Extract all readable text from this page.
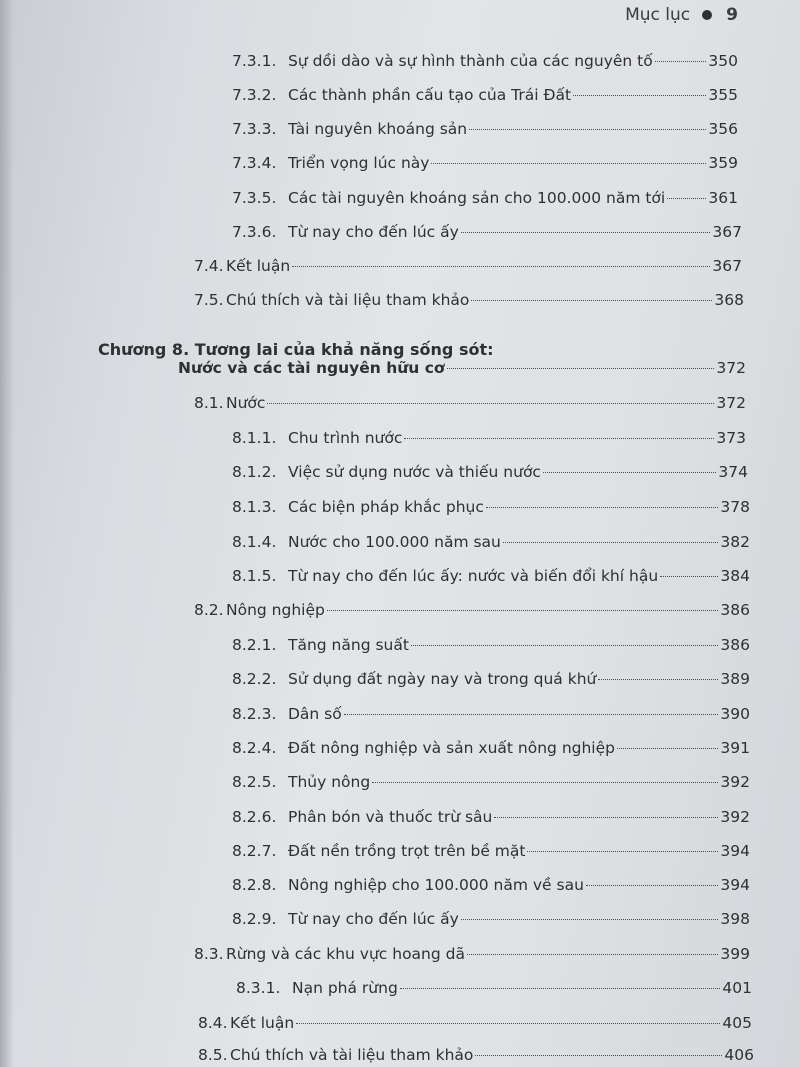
Mục lục 9
7.3.1. Sự dồi dào và sự hình thành của các nguyên tố	350
7.3.2. Các thành phần cấu tạo của Trái Đất	355
7.3.3. Tài nguyên khoáng sản	356
7.3.4. Triển vọng lúc này	359
7.3.5. Các tài nguyên khoáng sản cho 100.000 năm tới	361
7.3.6. Từ nay cho đến lúc ấy	367
7.4. Kết luận	367
7.5. Chú thích và tài liệu tham khảo	368
Chương 8. Tương lai của khả năng sống sót:
Nước và các tài nguyên hữu cơ	372
8.1. Nước	372
8.1.1. Chu trình nước	373
8.1.2. Việc sử dụng nước và thiếu nước	374
8.1.3. Các biện pháp khắc phục	378
8.1.4. Nước cho 100.000 năm sau	382
8.1.5. Từ nay cho đến lúc ấy: nước và biến đổi khí hậu	384
8.2. Nông nghiệp	386
8.2.1. Tăng năng suất	386
8.2.2. Sử dụng đất ngày nay và trong quá khứ	389
8.2.3. Dân số	390
8.2.4. Đất nông nghiệp và sản xuất nông nghiệp	391
8.2.5. Thủy nông	392
8.2.6. Phân bón và thuốc trừ sâu	392
8.2.7. Đất nền trồng trọt trên bề mặt	394
8.2.8. Nông nghiệp cho 100.000 năm về sau	394
8.2.9. Từ nay cho đến lúc ấy	398
8.3. Rừng và các khu vực hoang dã	399
8.3.1. Nạn phá rừng	401
8.4. Kết luận	405
8.5. Chú thích và tài liệu tham khảo	406
